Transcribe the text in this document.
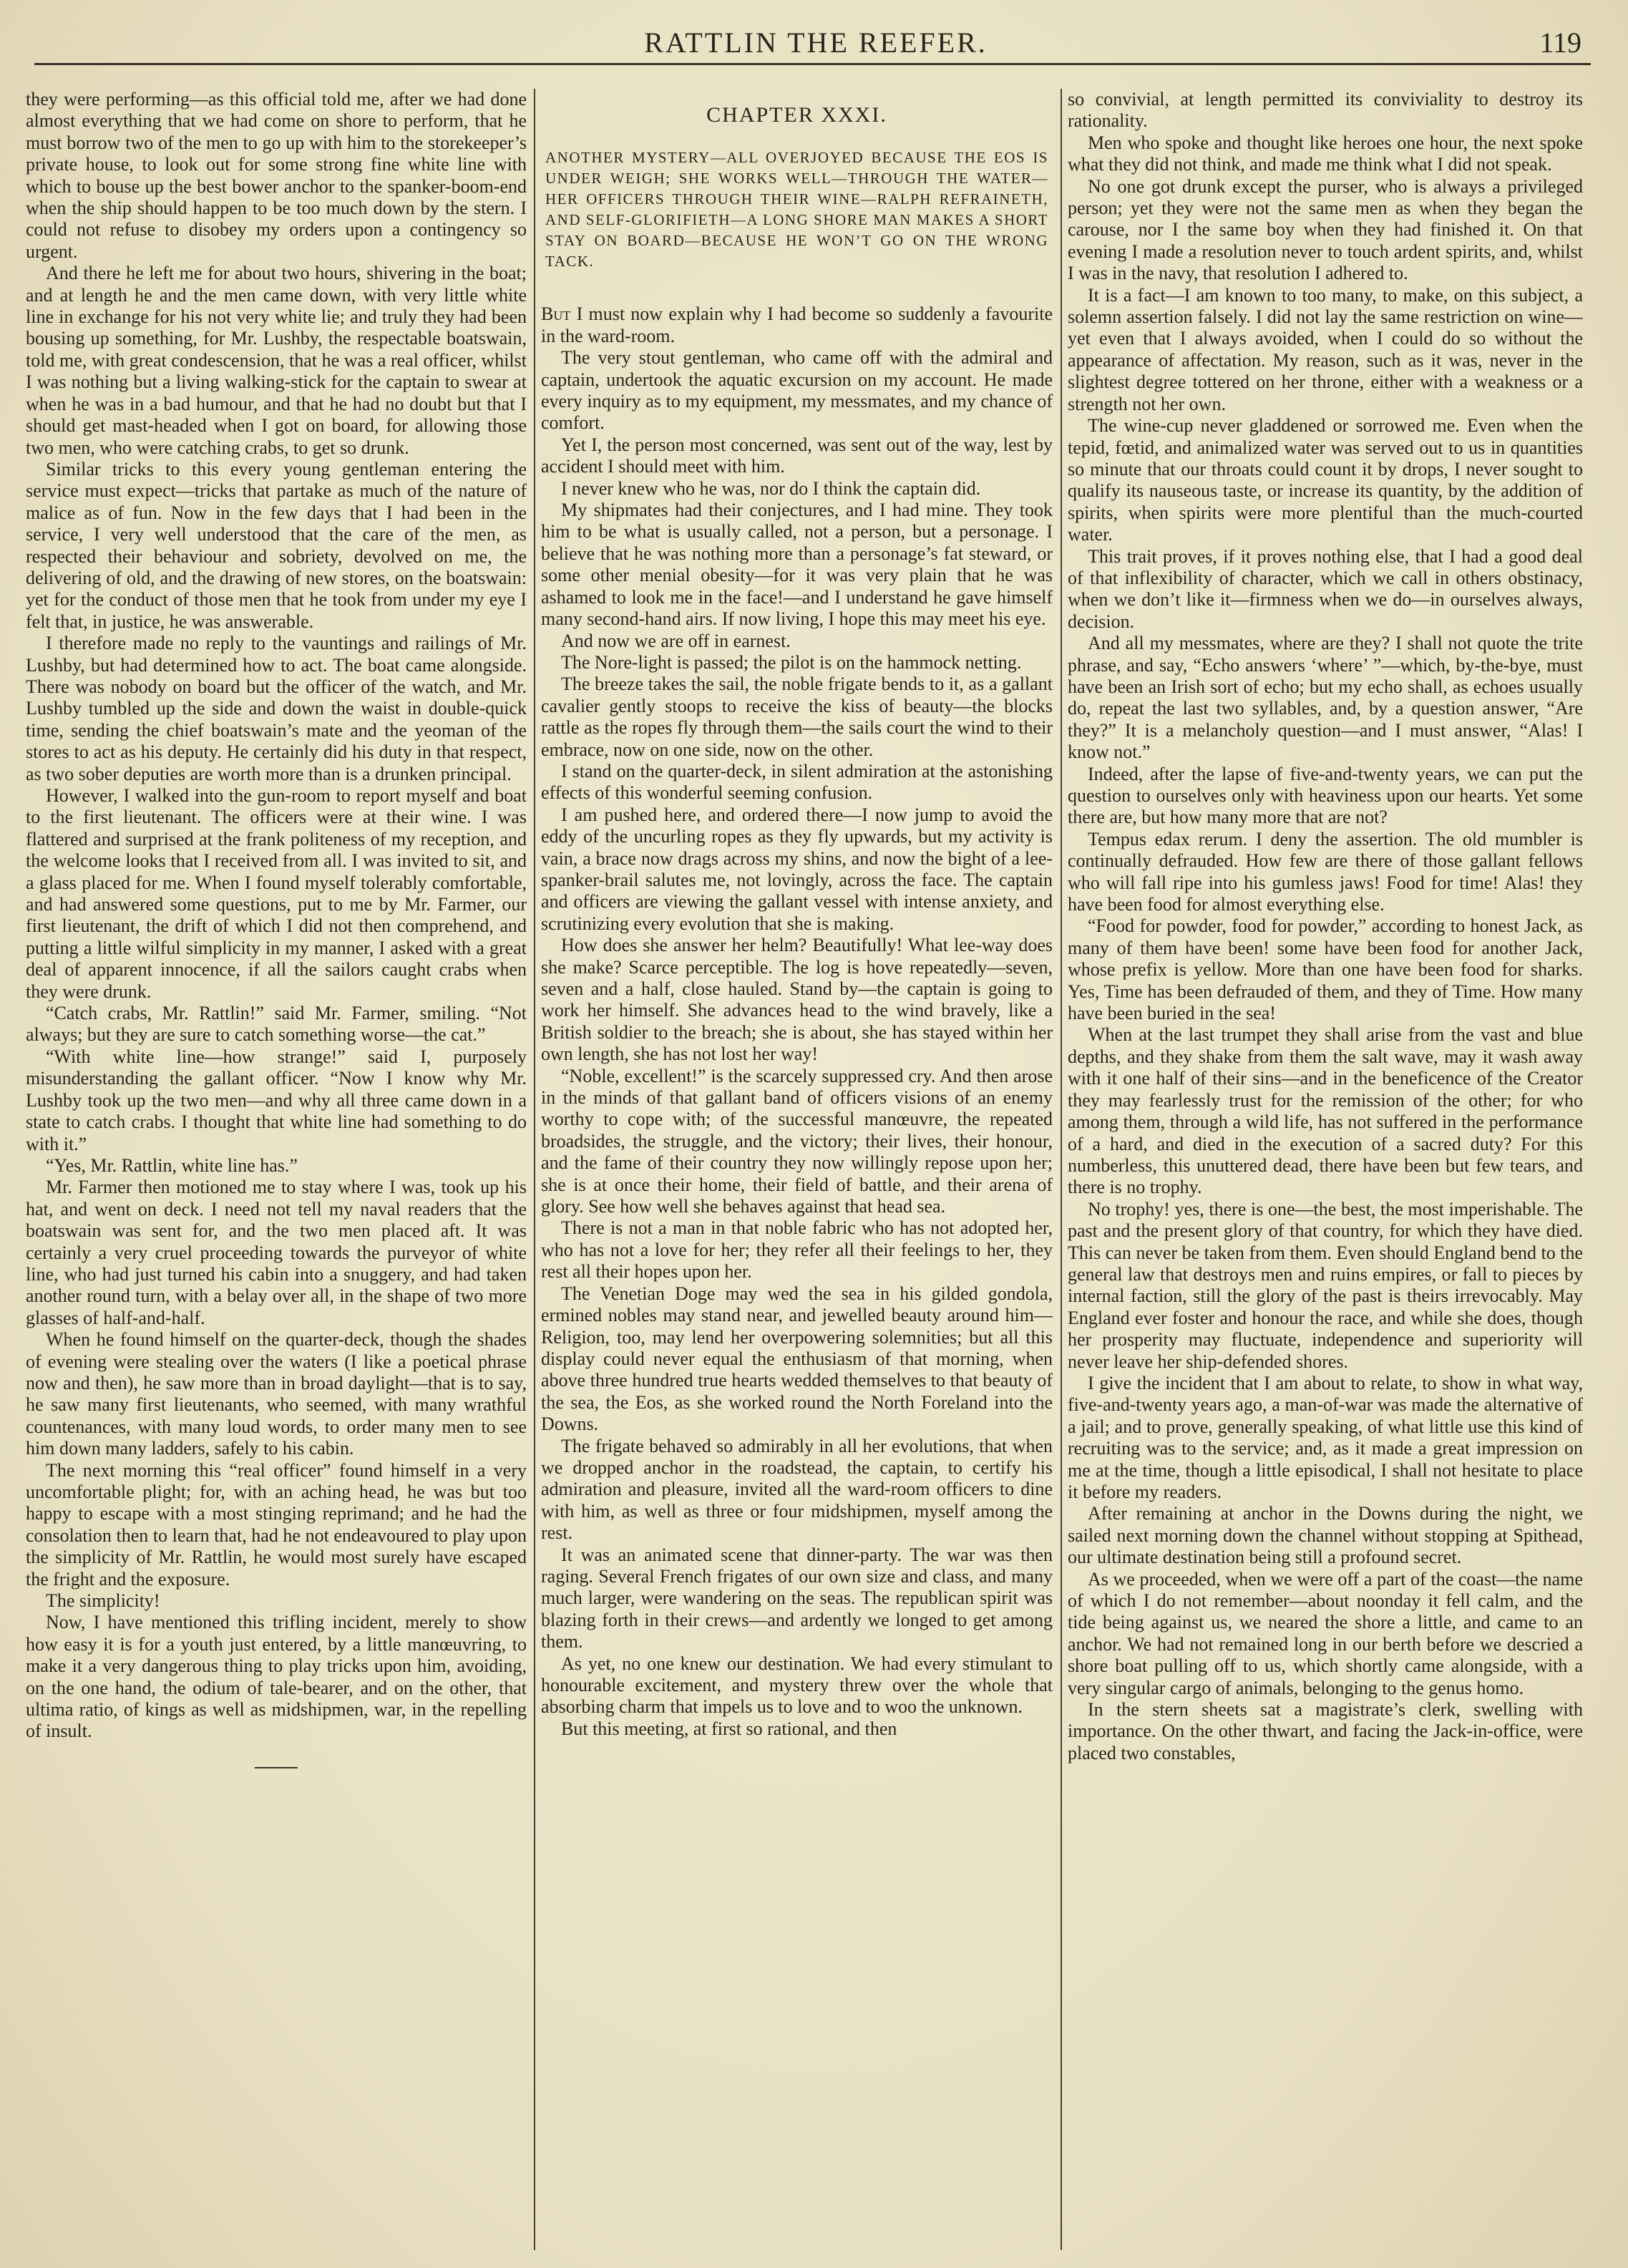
RATTLIN THE REEFER.	119

they were performing—as this official told me, after we had done almost everything that we had come on shore to perform, that he must borrow two of the men to go up with him to the storekeeper’s private house, to look out for some strong fine white line with which to bouse up the best bower anchor to the spanker-boom-end when the ship should happen to be too much down by the stern. I could not refuse to disobey my orders upon a contingency so urgent.

And there he left me for about two hours, shivering in the boat; and at length he and the men came down, with very little white line in exchange for his not very white lie; and truly they had been bousing up something, for Mr. Lushby, the respectable boatswain, told me, with great condescension, that he was a real officer, whilst I was nothing but a living walking-stick for the captain to swear at when he was in a bad humour, and that he had no doubt but that I should get mast-headed when I got on board, for allowing those two men, who were catching crabs, to get so drunk.

Similar tricks to this every young gentleman entering the service must expect—tricks that partake as much of the nature of malice as of fun. Now in the few days that I had been in the service, I very well understood that the care of the men, as respected their behaviour and sobriety, devolved on me, the delivering of old, and the drawing of new stores, on the boatswain: yet for the conduct of those men that he took from under my eye I felt that, in justice, he was answerable.

I therefore made no reply to the vauntings and railings of Mr. Lushby, but had determined how to act. The boat came alongside. There was nobody on board but the officer of the watch, and Mr. Lushby tumbled up the side and down the waist in double-quick time, sending the chief boatswain’s mate and the yeoman of the stores to act as his deputy. He certainly did his duty in that respect, as two sober deputies are worth more than is a drunken principal.

However, I walked into the gun-room to report myself and boat to the first lieutenant. The officers were at their wine. I was flattered and surprised at the frank politeness of my reception, and the welcome looks that I received from all. I was invited to sit, and a glass placed for me. When I found myself tolerably comfortable, and had answered some questions, put to me by Mr. Farmer, our first lieutenant, the drift of which I did not then comprehend, and putting a little wilful simplicity in my manner, I asked with a great deal of apparent innocence, if all the sailors caught crabs when they were drunk.

“Catch crabs, Mr. Rattlin!” said Mr. Farmer, smiling. “Not always; but they are sure to catch something worse—the cat.”

“With white line—how strange!” said I, purposely misunderstanding the gallant officer. “Now I know why Mr. Lushby took up the two men—and why all three came down in a state to catch crabs. I thought that white line had something to do with it.”

“Yes, Mr. Rattlin, white line has.”

Mr. Farmer then motioned me to stay where I was, took up his hat, and went on deck. I need not tell my naval readers that the boatswain was sent for, and the two men placed aft. It was certainly a very cruel proceeding towards the purveyor of white line, who had just turned his cabin into a snuggery, and had taken another round turn, with a belay over all, in the shape of two more glasses of half-and-half.

When he found himself on the quarter-deck, though the shades of evening were stealing over the waters (I like a poetical phrase now and then), he saw more than in broad daylight—that is to say, he saw many first lieutenants, who seemed, with many wrathful countenances, with many loud words, to order many men to see him down many ladders, safely to his cabin.

The next morning this “real officer” found himself in a very uncomfortable plight; for, with an aching head, he was but too happy to escape with a most stinging reprimand; and he had the consolation then to learn that, had he not endeavoured to play upon the simplicity of Mr. Rattlin, he would most surely have escaped the fright and the exposure.

The simplicity!

Now, I have mentioned this trifling incident, merely to show how easy it is for a youth just entered, by a little manœuvring, to make it a very dangerous thing to play tricks upon him, avoiding, on the one hand, the odium of tale-bearer, and on the other, that ultima ratio, of kings as well as midshipmen, war, in the repelling of insult.

CHAPTER XXXI.
ANOTHER MYSTERY—ALL OVERJOYED BECAUSE THE EOS IS UNDER WEIGH; SHE WORKS WELL—THROUGH THE WATER—HER OFFICERS THROUGH THEIR WINE—RALPH REFRAINETH, AND SELF-GLORIFIETH—A LONG SHORE MAN MAKES A SHORT STAY ON BOARD—BECAUSE HE WON’T GO ON THE WRONG TACK.

But I must now explain why I had become so suddenly a favourite in the ward-room.

The very stout gentleman, who came off with the admiral and captain, undertook the aquatic excursion on my account. He made every inquiry as to my equipment, my messmates, and my chance of comfort.

Yet I, the person most concerned, was sent out of the way, lest by accident I should meet with him.

I never knew who he was, nor do I think the captain did.

My shipmates had their conjectures, and I had mine. They took him to be what is usually called, not a person, but a personage. I believe that he was nothing more than a personage’s fat steward, or some other menial obesity—for it was very plain that he was ashamed to look me in the face!—and I understand he gave himself many second-hand airs. If now living, I hope this may meet his eye.

And now we are off in earnest.

The Nore-light is passed; the pilot is on the hammock netting.

The breeze takes the sail, the noble frigate bends to it, as a gallant cavalier gently stoops to receive the kiss of beauty—the blocks rattle as the ropes fly through them—the sails court the wind to their embrace, now on one side, now on the other.

I stand on the quarter-deck, in silent admiration at the astonishing effects of this wonderful seeming confusion.

I am pushed here, and ordered there—I now jump to avoid the eddy of the uncurling ropes as they fly upwards, but my activity is vain, a brace now drags across my shins, and now the bight of a lee-spanker-brail salutes me, not lovingly, across the face. The captain and officers are viewing the gallant vessel with intense anxiety, and scrutinizing every evolution that she is making.

How does she answer her helm? Beautifully! What lee-way does she make? Scarce perceptible. The log is hove repeatedly—seven, seven and a half, close hauled. Stand by—the captain is going to work her himself. She advances head to the wind bravely, like a British soldier to the breach; she is about, she has stayed within her own length, she has not lost her way!

“Noble, excellent!” is the scarcely suppressed cry. And then arose in the minds of that gallant band of officers visions of an enemy worthy to cope with; of the successful manœuvre, the repeated broadsides, the struggle, and the victory; their lives, their honour, and the fame of their country they now willingly repose upon her; she is at once their home, their field of battle, and their arena of glory. See how well she behaves against that head sea.

There is not a man in that noble fabric who has not adopted her, who has not a love for her; they refer all their feelings to her, they rest all their hopes upon her.

The Venetian Doge may wed the sea in his gilded gondola, ermined nobles may stand near, and jewelled beauty around him—Religion, too, may lend her overpowering solemnities; but all this display could never equal the enthusiasm of that morning, when above three hundred true hearts wedded themselves to that beauty of the sea, the Eos, as she worked round the North Foreland into the Downs.

The frigate behaved so admirably in all her evolutions, that when we dropped anchor in the roadstead, the captain, to certify his admiration and pleasure, invited all the ward-room officers to dine with him, as well as three or four midshipmen, myself among the rest.

It was an animated scene that dinner-party. The war was then raging. Several French frigates of our own size and class, and many much larger, were wandering on the seas. The republican spirit was blazing forth in their crews—and ardently we longed to get among them.

As yet, no one knew our destination. We had every stimulant to honourable excitement, and mystery threw over the whole that absorbing charm that impels us to love and to woo the unknown.

But this meeting, at first so rational, and then

so convivial, at length permitted its conviviality to destroy its rationality.

Men who spoke and thought like heroes one hour, the next spoke what they did not think, and made me think what I did not speak.

No one got drunk except the purser, who is always a privileged person; yet they were not the same men as when they began the carouse, nor I the same boy when they had finished it. On that evening I made a resolution never to touch ardent spirits, and, whilst I was in the navy, that resolution I adhered to.

It is a fact—I am known to too many, to make, on this subject, a solemn assertion falsely. I did not lay the same restriction on wine—yet even that I always avoided, when I could do so without the appearance of affectation. My reason, such as it was, never in the slightest degree tottered on her throne, either with a weakness or a strength not her own.

The wine-cup never gladdened or sorrowed me. Even when the tepid, fœtid, and animalized water was served out to us in quantities so minute that our throats could count it by drops, I never sought to qualify its nauseous taste, or increase its quantity, by the addition of spirits, when spirits were more plentiful than the much-courted water.

This trait proves, if it proves nothing else, that I had a good deal of that inflexibility of character, which we call in others obstinacy, when we don’t like it—firmness when we do—in ourselves always, decision.

And all my messmates, where are they? I shall not quote the trite phrase, and say, “Echo answers ‘where’ ”—which, by-the-bye, must have been an Irish sort of echo; but my echo shall, as echoes usually do, repeat the last two syllables, and, by a question answer, “Are they?” It is a melancholy question—and I must answer, “Alas! I know not.”

Indeed, after the lapse of five-and-twenty years, we can put the question to ourselves only with heaviness upon our hearts. Yet some there are, but how many more that are not?

Tempus edax rerum. I deny the assertion. The old mumbler is continually defrauded. How few are there of those gallant fellows who will fall ripe into his gumless jaws! Food for time! Alas! they have been food for almost everything else.

“Food for powder, food for powder,” according to honest Jack, as many of them have been! some have been food for another Jack, whose prefix is yellow. More than one have been food for sharks. Yes, Time has been defrauded of them, and they of Time. How many have been buried in the sea!

When at the last trumpet they shall arise from the vast and blue depths, and they shake from them the salt wave, may it wash away with it one half of their sins—and in the beneficence of the Creator they may fearlessly trust for the remission of the other; for who among them, through a wild life, has not suffered in the performance of a hard, and died in the execution of a sacred duty? For this numberless, this unuttered dead, there have been but few tears, and there is no trophy.

No trophy! yes, there is one—the best, the most imperishable. The past and the present glory of that country, for which they have died. This can never be taken from them. Even should England bend to the general law that destroys men and ruins empires, or fall to pieces by internal faction, still the glory of the past is theirs irrevocably. May England ever foster and honour the race, and while she does, though her prosperity may fluctuate, independence and superiority will never leave her ship-defended shores.

I give the incident that I am about to relate, to show in what way, five-and-twenty years ago, a man-of-war was made the alternative of a jail; and to prove, generally speaking, of what little use this kind of recruiting was to the service; and, as it made a great impression on me at the time, though a little episodical, I shall not hesitate to place it before my readers.

After remaining at anchor in the Downs during the night, we sailed next morning down the channel without stopping at Spithead, our ultimate destination being still a profound secret.

As we proceeded, when we were off a part of the coast—the name of which I do not remember—about noonday it fell calm, and the tide being against us, we neared the shore a little, and came to an anchor. We had not remained long in our berth before we descried a shore boat pulling off to us, which shortly came alongside, with a very singular cargo of animals, belonging to the genus homo.

In the stern sheets sat a magistrate’s clerk, swelling with importance. On the other thwart, and facing the Jack-in-office, were placed two constables,
